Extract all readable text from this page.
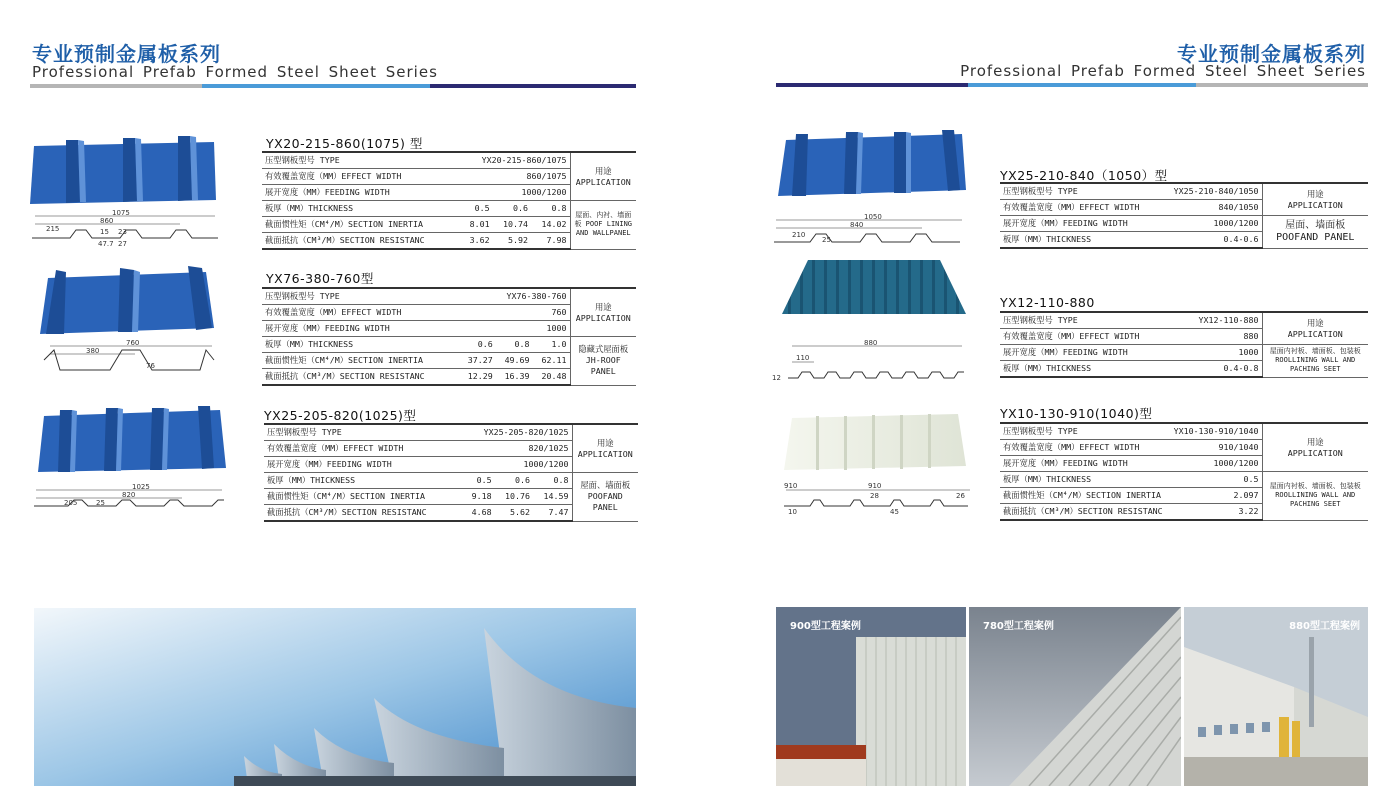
专业预制金属板系列
Professional Prefab Formed Steel Sheet Series
专业预制金属板系列
Professional Prefab Formed Steel Sheet Series
1075
860
215	15 23
47.7 27
YX20-215-860(1075) 型
压型钢板型号 TYPE	YX20-215-860/1075			用途
APPLICATION
有效覆盖宽度（MM）EFFECT WIDTH	860/1075			
展开宽度（MM）FEEDING WIDTH	1000/1200			
板厚（MM）THICKNESS	0.5	0.6	0.8	屋面、内衬、墙面板 POOF LINING AND WALLPANEL
截面惯性矩（CM⁴/M）SECTION INERTIA	8.01	10.74	14.02	
截面抵抗（CM³/M）SECTION RESISTANC	3.62	5.92	7.98	
760
380
76
YX76-380-760型
压型钢板型号 TYPE	YX76-380-760			用途
APPLICATION
有效覆盖宽度（MM）EFFECT WIDTH	760			
展开宽度（MM）FEEDING WIDTH	1000			
板厚（MM）THICKNESS	0.6	0.8	1.0	隐藏式屋面板 JH-ROOF PANEL
截面惯性矩（CM⁴/M）SECTION INERTIA	37.27	49.69	62.11	
截面抵抗（CM³/M）SECTION RESISTANC	12.29	16.39	20.48	
1025
820
205	25
YX25-205-820(1025)型
压型钢板型号 TYPE	YX25-205-820/1025			用途
APPLICATION
有效覆盖宽度（MM）EFFECT WIDTH	820/1025			
展开宽度（MM）FEEDING WIDTH	1000/1200			
板厚（MM）THICKNESS	0.5	0.6	0.8	屋面、墙面板 POOFAND PANEL
截面惯性矩（CM⁴/M）SECTION INERTIA	9.18	10.76	14.59	
截面抵抗（CM³/M）SECTION RESISTANC	4.68	5.62	7.47	
1050
840
210
25
YX25-210-840（1050）型
压型钢板型号 TYPE	YX25-210-840/1050	用途
APPLICATION
有效覆盖宽度（MM）EFFECT WIDTH	840/1050	
展开宽度（MM）FEEDING WIDTH	1000/1200	屋面、墙面板 POOFAND PANEL
板厚（MM）THICKNESS	0.4-0.6	
880
110
12
YX12-110-880
压型钢板型号 TYPE	YX12-110-880	用途
APPLICATION
有效覆盖宽度（MM）EFFECT WIDTH	880	
展开宽度（MM）FEEDING WIDTH	1000	屋面内衬板、墙面板、包装板 ROOLLINING WALL AND PACHING SEET
板厚（MM）THICKNESS	0.4-0.8	
910	910
28
45
26
10
YX10-130-910(1040)型
压型钢板型号 TYPE	YX10-130-910/1040	用途
APPLICATION
有效覆盖宽度（MM）EFFECT WIDTH	910/1040	
展开宽度（MM）FEEDING WIDTH	1000/1200	
板厚（MM）THICKNESS	0.5	屋面内衬板、墙面板、包装板 ROOLLINING WALL AND PACHING SEET
截面惯性矩（CM⁴/M）SECTION INERTIA	2.097	
截面抵抗（CM³/M）SECTION RESISTANC	3.22	
900型工程案例	780型工程案例	880型工程案例
